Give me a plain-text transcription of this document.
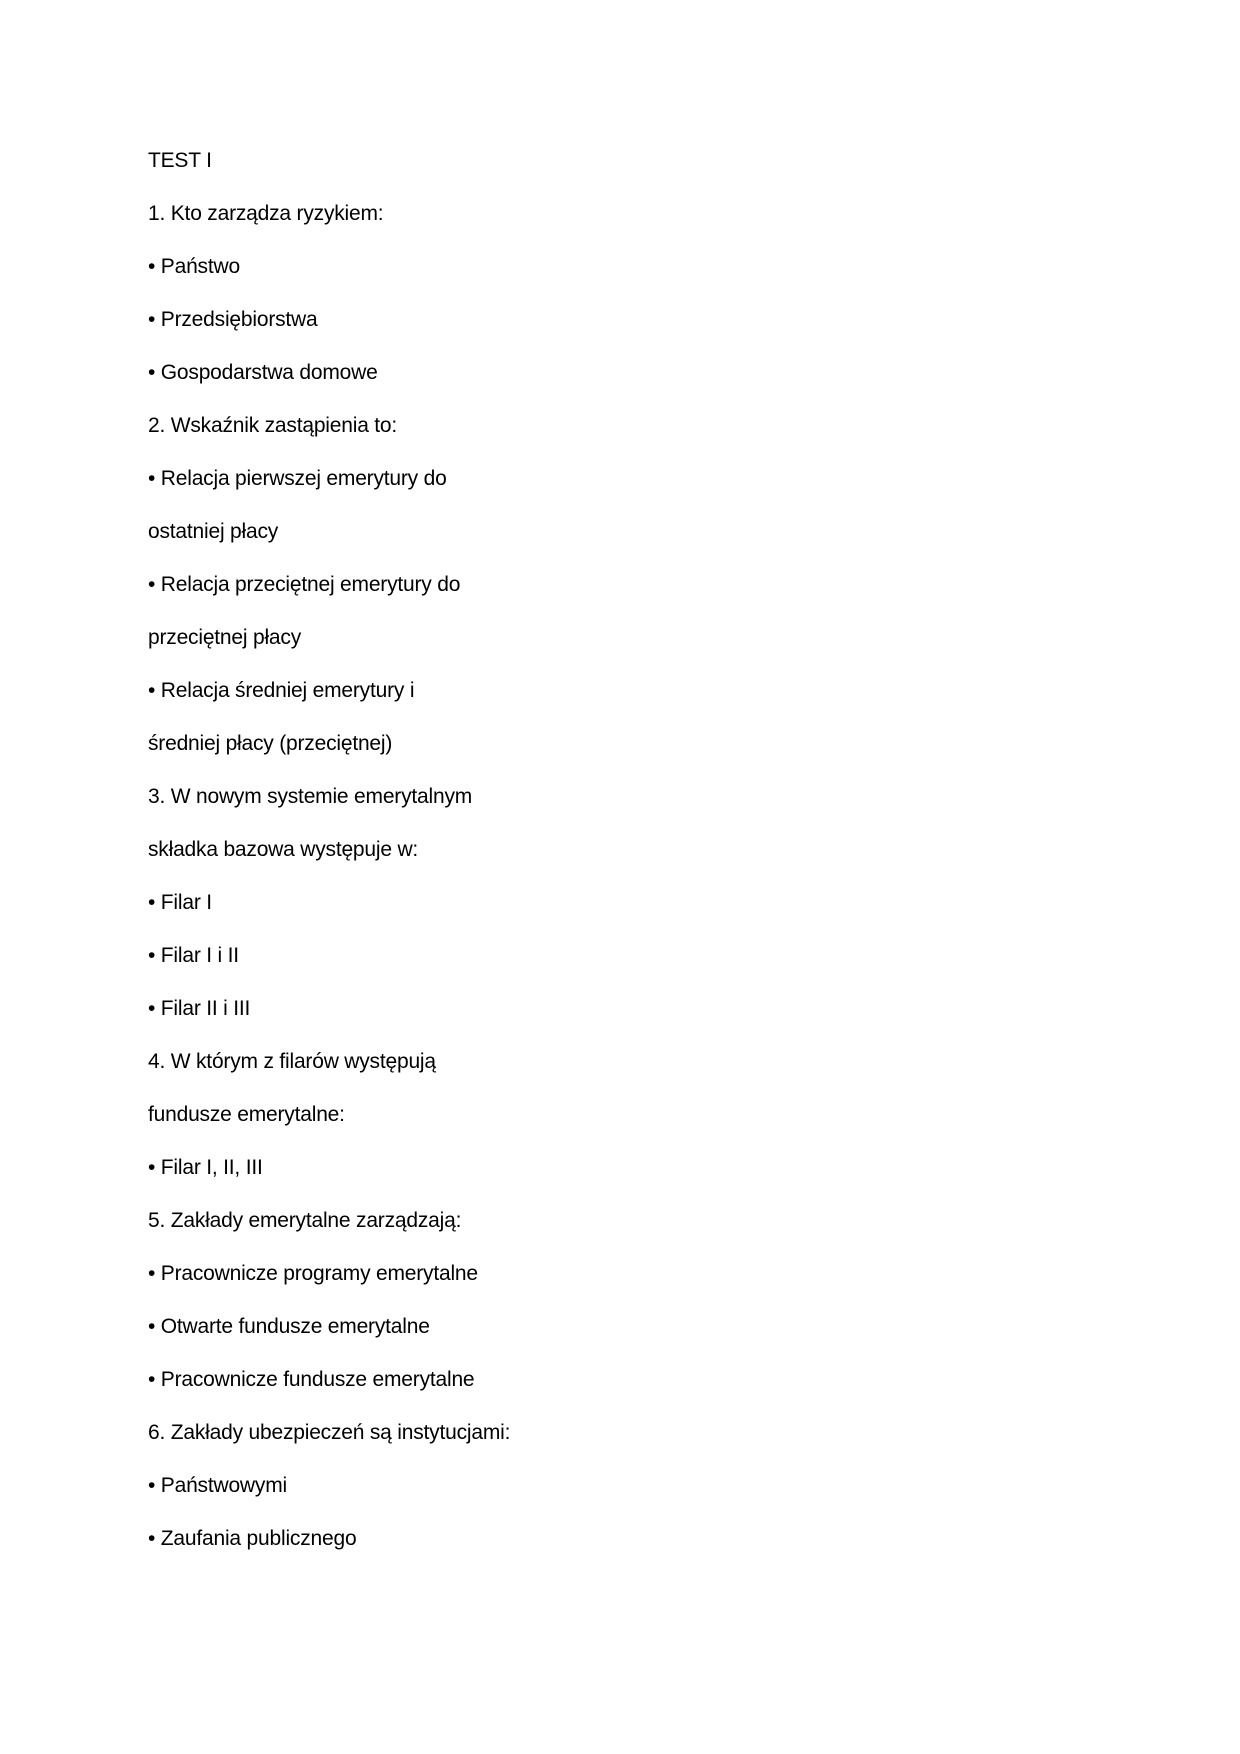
TEST I
1. Kto zarządza ryzykiem:
• Państwo
• Przedsiębiorstwa
• Gospodarstwa domowe
2. Wskaźnik zastąpienia to:
• Relacja pierwszej emerytury do
ostatniej płacy
• Relacja przeciętnej emerytury do
przeciętnej płacy
• Relacja średniej emerytury i
średniej płacy (przeciętnej)
3. W nowym systemie emerytalnym
składka bazowa występuje w:
• Filar I
• Filar I i II
• Filar II i III
4. W którym z filarów występują
fundusze emerytalne:
• Filar I, II, III
5. Zakłady emerytalne zarządzają:
• Pracownicze programy emerytalne
• Otwarte fundusze emerytalne
• Pracownicze fundusze emerytalne
6. Zakłady ubezpieczeń są instytucjami:
• Państwowymi
• Zaufania publicznego
